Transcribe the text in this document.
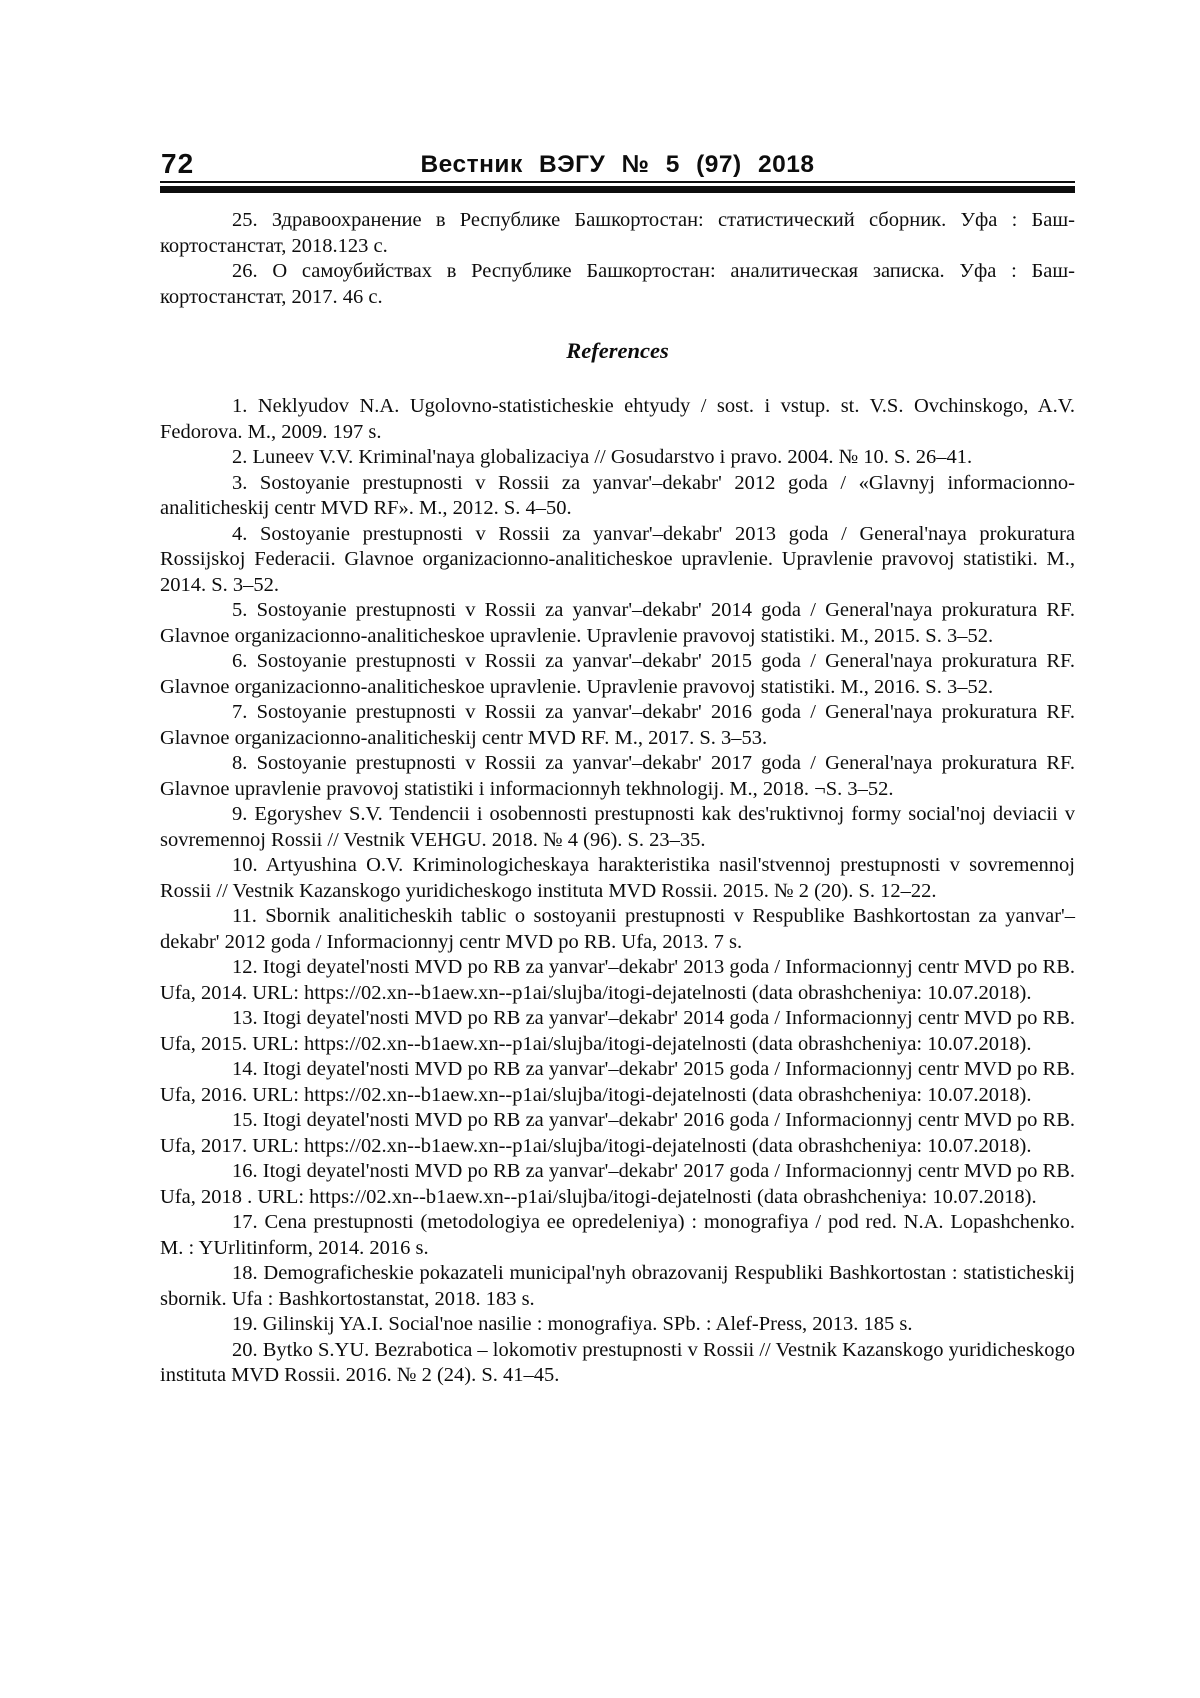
72	Вестник ВЭГУ № 5 (97) 2018

25. Здравоохранение в Республике Башкортостан: статистический сборник. Уфа : Башкортостанстат, 2018.123 с.

26. О самоубийствах в Республике Башкортостан: аналитическая записка. Уфа : Башкортостанстат, 2017. 46 с.

References

1. Neklyudov N.A. Ugolovno-statisticheskie ehtyudy / sost. i vstup. st. V.S. Ovchinskogo, A.V. Fedorova. M., 2009. 197 s.

2. Luneev V.V. Kriminal'naya globalizaciya // Gosudarstvo i pravo. 2004. № 10. S. 26–41.

3. Sostoyanie prestupnosti v Rossii za yanvar'–dekabr' 2012 goda / «Glavnyj informacionno-analiticheskij centr MVD RF». M., 2012. S. 4–50.

4. Sostoyanie prestupnosti v Rossii za yanvar'–dekabr' 2013 goda / General'naya prokuratura Rossijskoj Federacii. Glavnoe organizacionno-analiticheskoe upravlenie. Upravlenie pravovoj statistiki. M., 2014. S. 3–52.

5. Sostoyanie prestupnosti v Rossii za yanvar'–dekabr' 2014 goda / General'naya prokuratura RF. Glavnoe organizacionno-analiticheskoe upravlenie. Upravlenie pravovoj statistiki. M., 2015. S. 3–52.

6. Sostoyanie prestupnosti v Rossii za yanvar'–dekabr' 2015 goda / General'naya prokuratura RF. Glavnoe organizacionno-analiticheskoe upravlenie. Upravlenie pravovoj statistiki. M., 2016. S. 3–52.

7. Sostoyanie prestupnosti v Rossii za yanvar'–dekabr' 2016 goda / General'naya prokuratura RF. Glavnoe organizacionno-analiticheskij centr MVD RF. M., 2017. S. 3–53.

8. Sostoyanie prestupnosti v Rossii za yanvar'–dekabr' 2017 goda / General'naya prokuratura RF. Glavnoe upravlenie pravovoj statistiki i informacionnyh tekhnologij. M., 2018. ¬S. 3–52.

9. Egoryshev S.V. Tendencii i osobennosti prestupnosti kak des'ruktivnoj formy social'noj deviacii v sovremennoj Rossii // Vestnik VEHGU. 2018. № 4 (96). S. 23–35.

10. Artyushina O.V. Kriminologicheskaya harakteristika nasil'stvennoj prestupnosti v sovremennoj Rossii // Vestnik Kazanskogo yuridicheskogo instituta MVD Rossii. 2015. № 2 (20). S. 12–22.

11. Sbornik analiticheskih tablic o sostoyanii prestupnosti v Respublike Bashkortostan za yanvar'–dekabr' 2012 goda / Informacionnyj centr MVD po RB. Ufa, 2013. 7 s.

12. Itogi deyatel'nosti MVD po RB za yanvar'–dekabr' 2013 goda / Informacionnyj centr MVD po RB. Ufa, 2014. URL: https://02.xn--b1aew.xn--p1ai/slujba/itogi-dejatelnosti (data obrashcheniya: 10.07.2018).

13. Itogi deyatel'nosti MVD po RB za yanvar'–dekabr' 2014 goda / Informacionnyj centr MVD po RB. Ufa, 2015. URL: https://02.xn--b1aew.xn--p1ai/slujba/itogi-dejatelnosti (data obrashcheniya: 10.07.2018).

14. Itogi deyatel'nosti MVD po RB za yanvar'–dekabr' 2015 goda / Informacionnyj centr MVD po RB. Ufa, 2016. URL: https://02.xn--b1aew.xn--p1ai/slujba/itogi-dejatelnosti (data obrashcheniya: 10.07.2018).

15. Itogi deyatel'nosti MVD po RB za yanvar'–dekabr' 2016 goda / Informacionnyj centr MVD po RB. Ufa, 2017. URL: https://02.xn--b1aew.xn--p1ai/slujba/itogi-dejatelnosti (data obrashcheniya: 10.07.2018).

16. Itogi deyatel'nosti MVD po RB za yanvar'–dekabr' 2017 goda / Informacionnyj centr MVD po RB. Ufa, 2018 . URL: https://02.xn--b1aew.xn--p1ai/slujba/itogi-dejatelnosti (data obrashcheniya: 10.07.2018).

17. Cena prestupnosti (metodologiya ee opredeleniya) : monografiya / pod red. N.A. Lopashchenko. M. : YUrlitinform, 2014. 2016 s.

18. Demograficheskie pokazateli municipal'nyh obrazovanij Respubliki Bashkortostan : statisticheskij sbornik. Ufa : Bashkortostanstat, 2018. 183 s.

19. Gilinskij YA.I. Social'noe nasilie : monografiya. SPb. : Alef-Press, 2013. 185 s.

20. Bytko S.YU. Bezrabotica – lokomotiv prestupnosti v Rossii // Vestnik Kazanskogo yuridicheskogo instituta MVD Rossii. 2016. № 2 (24). S. 41–45.
